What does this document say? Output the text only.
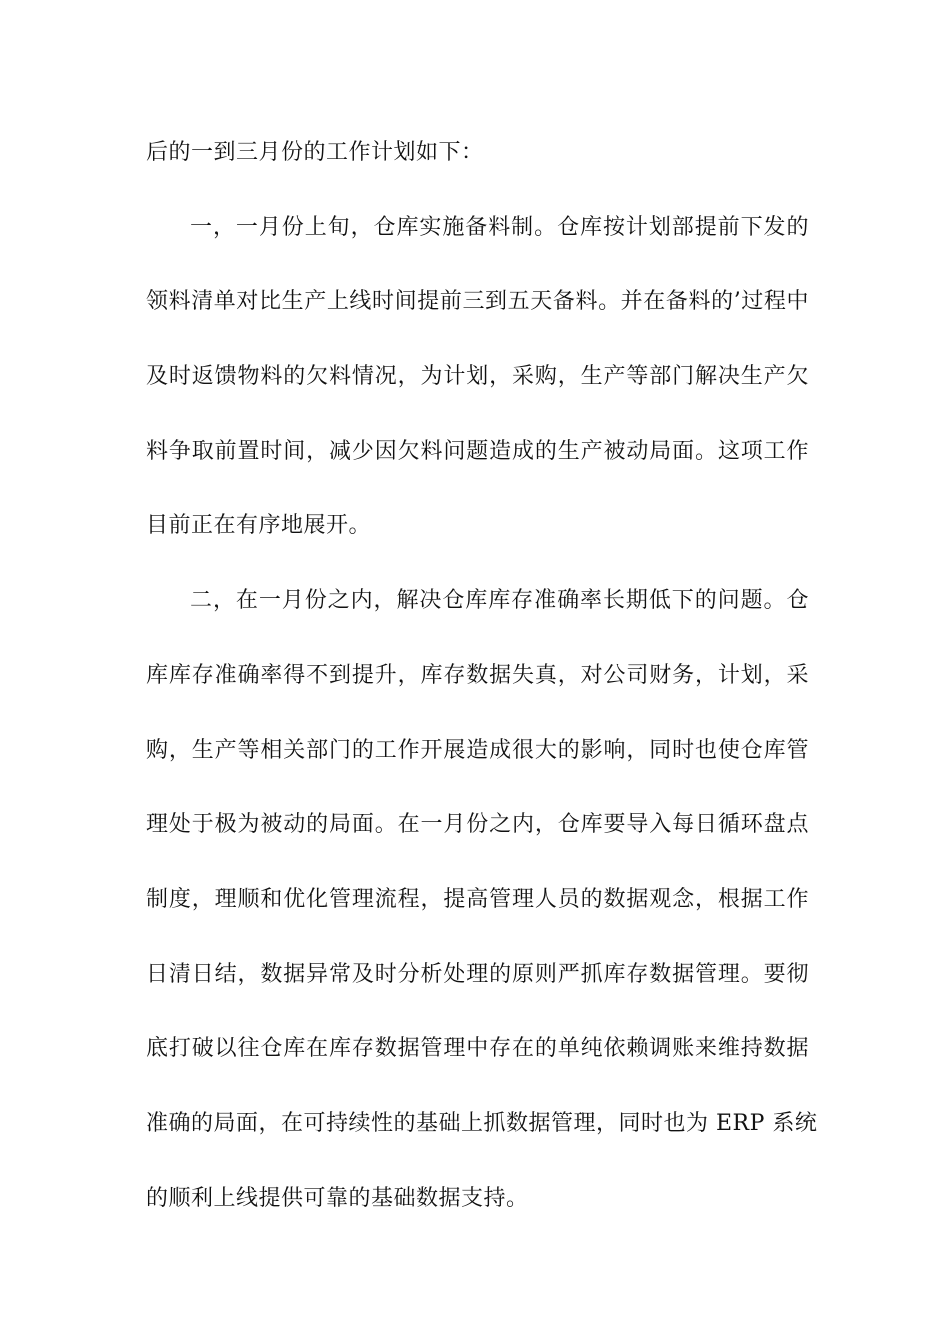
后的一到三月份的工作计划如下：
一，一月份上旬，仓库实施备料制。仓库按计划部提前下发的
领料清单对比生产上线时间提前三到五天备料。并在备料的’过程中
及时返馈物料的欠料情况，为计划，采购，生产等部门解决生产欠
料争取前置时间，减少因欠料问题造成的生产被动局面。这项工作
目前正在有序地展开。
二，在一月份之内，解决仓库库存准确率长期低下的问题。仓
库库存准确率得不到提升，库存数据失真，对公司财务，计划，采
购，生产等相关部门的工作开展造成很大的影响，同时也使仓库管
理处于极为被动的局面。在一月份之内，仓库要导入每日循环盘点
制度，理顺和优化管理流程，提高管理人员的数据观念，根据工作
日清日结，数据异常及时分析处理的原则严抓库存数据管理。要彻
底打破以往仓库在库存数据管理中存在的单纯依赖调账来维持数据
准确的局面，在可持续性的基础上抓数据管理，同时也为 ERP 系统
的顺利上线提供可靠的基础数据支持。
